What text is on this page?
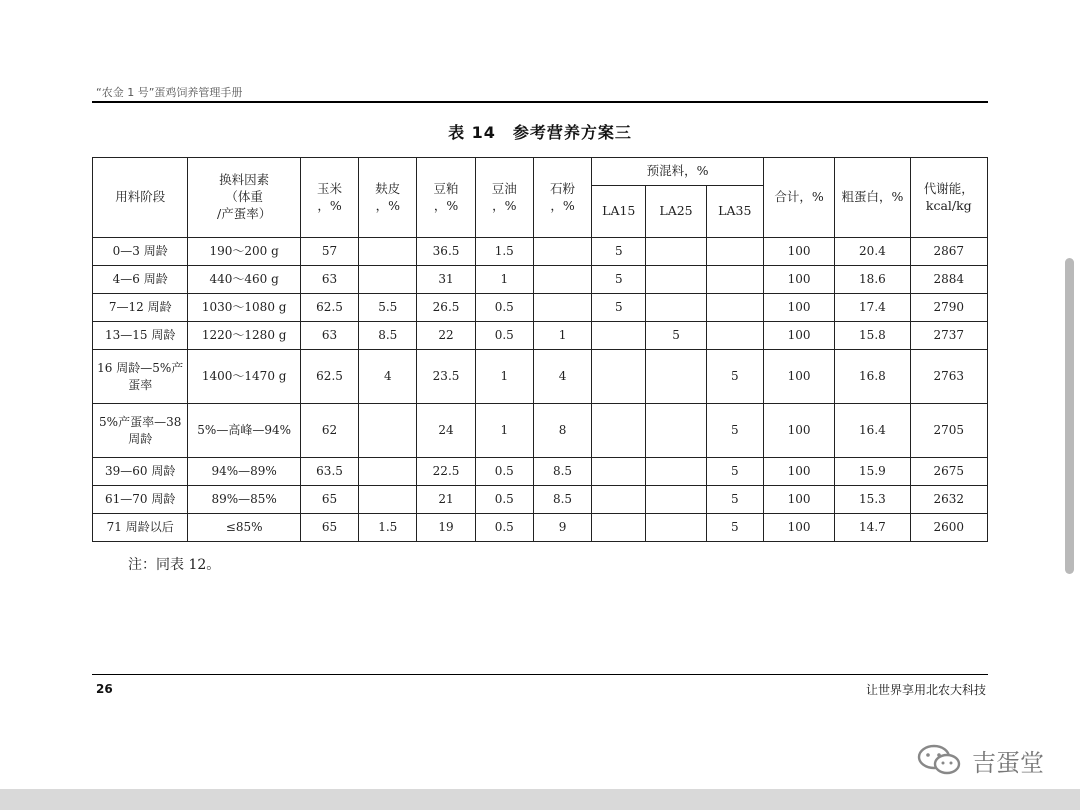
“农金 1 号”蛋鸡饲养管理手册
表 14　参考营养方案三
用料阶段	换料因素
（体重
/产蛋率）	玉米
，%	麸皮
，%	豆粕
，%	豆油
，%	石粉
，%	预混料，%			合计，%	粗蛋白，%	代谢能，
kcal/kg

							LA15	LA25	LA35			
0—3 周龄	190～200 g	57		36.5	1.5		5			100	20.4	2867
4—6 周龄	440～460 g	63		31	1		5			100	18.6	2884
7—12 周龄	1030～1080 g	62.5	5.5	26.5	0.5		5			100	17.4	2790
13—15 周龄	1220～1280 g	63	8.5	22	0.5	1		5		100	15.8	2737
16 周龄—5%产蛋率	1400～1470 g	62.5	4	23.5	1	4			5	100	16.8	2763
5%产蛋率—38 周龄	5%—高峰—94%	62		24	1	8			5	100	16.4	2705
39—60 周龄	94%—89%	63.5		22.5	0.5	8.5			5	100	15.9	2675
61—70 周龄	89%—85%	65		21	0.5	8.5			5	100	15.3	2632
71 周龄以后	≤85%	65	1.5	19	0.5	9			5	100	14.7	2600
注：同表 12。
26	让世界享用北农大科技
吉蛋堂
